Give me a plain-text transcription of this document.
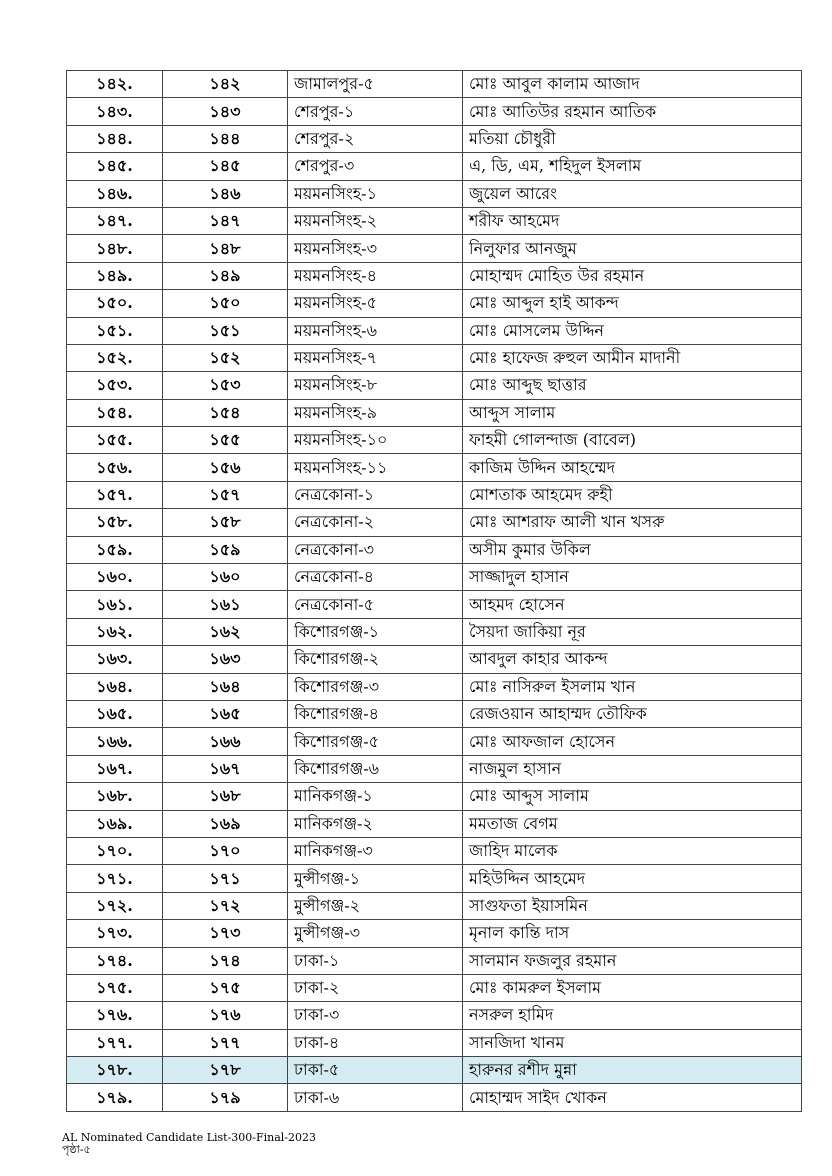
১৪২.	১৪২	জামালপুর-৫	মোঃ আবুল কালাম আজাদ
১৪৩.	১৪৩	শেরপুর-১	মোঃ আতিউর রহমান আতিক
১৪৪.	১৪৪	শেরপুর-২	মতিয়া চৌধুরী
১৪৫.	১৪৫	শেরপুর-৩	এ, ডি, এম, শহিদুল ইসলাম
১৪৬.	১৪৬	ময়মনসিংহ-১	জুয়েল আরেং
১৪৭.	১৪৭	ময়মনসিংহ-২	শরীফ আহমেদ
১৪৮.	১৪৮	ময়মনসিংহ-৩	নিলুফার আনজুম
১৪৯.	১৪৯	ময়মনসিংহ-৪	মোহাম্মদ মোহিত উর রহমান
১৫০.	১৫০	ময়মনসিংহ-৫	মোঃ আব্দুল হাই আকন্দ
১৫১.	১৫১	ময়মনসিংহ-৬	মোঃ মোসলেম উদ্দিন
১৫২.	১৫২	ময়মনসিংহ-৭	মোঃ হাফেজ রুহুল আমীন মাদানী
১৫৩.	১৫৩	ময়মনসিংহ-৮	মোঃ আব্দুছ ছাত্তার
১৫৪.	১৫৪	ময়মনসিংহ-৯	আব্দুস সালাম
১৫৫.	১৫৫	ময়মনসিংহ-১০	ফাহমী গোলন্দাজ (বাবেল)
১৫৬.	১৫৬	ময়মনসিংহ-১১	কাজিম উদ্দিন আহম্মেদ
১৫৭.	১৫৭	নেত্রকোনা-১	মোশতাক আহমেদ রুহী
১৫৮.	১৫৮	নেত্রকোনা-২	মোঃ আশরাফ আলী খান খসরু
১৫৯.	১৫৯	নেত্রকোনা-৩	অসীম কুমার উকিল
১৬০.	১৬০	নেত্রকোনা-৪	সাজ্জাদুল হাসান
১৬১.	১৬১	নেত্রকোনা-৫	আহমদ হোসেন
১৬২.	১৬২	কিশোরগঞ্জ-১	সৈয়দা জাকিয়া নূর
১৬৩.	১৬৩	কিশোরগঞ্জ-২	আবদুল কাহার আকন্দ
১৬৪.	১৬৪	কিশোরগঞ্জ-৩	মোঃ নাসিরুল ইসলাম খান
১৬৫.	১৬৫	কিশোরগঞ্জ-৪	রেজওয়ান আহাম্মদ তৌফিক
১৬৬.	১৬৬	কিশোরগঞ্জ-৫	মোঃ আফজাল হোসেন
১৬৭.	১৬৭	কিশোরগঞ্জ-৬	নাজমুল হাসান
১৬৮.	১৬৮	মানিকগঞ্জ-১	মোঃ আব্দুস সালাম
১৬৯.	১৬৯	মানিকগঞ্জ-২	মমতাজ বেগম
১৭০.	১৭০	মানিকগঞ্জ-৩	জাহিদ মালেক
১৭১.	১৭১	মুন্সীগঞ্জ-১	মহিউদ্দিন আহমেদ
১৭২.	১৭২	মুন্সীগঞ্জ-২	সাগুফতা ইয়াসমিন
১৭৩.	১৭৩	মুন্সীগঞ্জ-৩	মৃনাল কান্তি দাস
১৭৪.	১৭৪	ঢাকা-১	সালমান ফজলুর রহমান
১৭৫.	১৭৫	ঢাকা-২	মোঃ কামরুল ইসলাম
১৭৬.	১৭৬	ঢাকা-৩	নসরুল হামিদ
১৭৭.	১৭৭	ঢাকা-৪	সানজিদা খানম
১৭৮.	১৭৮	ঢাকা-৫	হারুনর রশীদ মুন্না
১৭৯.	১৭৯	ঢাকা-৬	মোহাম্মদ সাইদ খোকন
AL Nominated Candidate List-300-Final-2023
পৃষ্ঠা-৫
